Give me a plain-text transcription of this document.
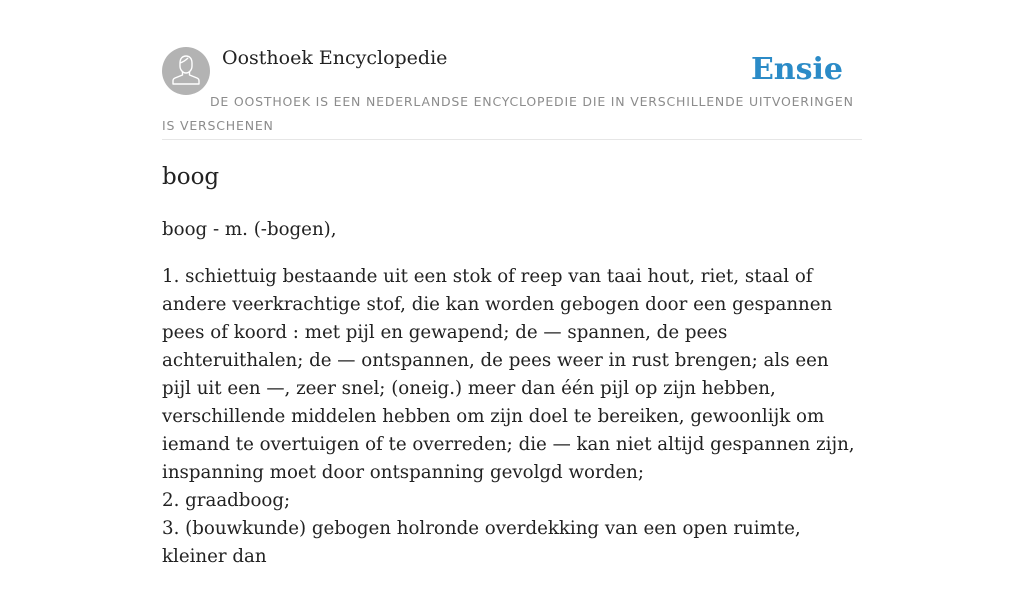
Oosthoek Encyclopedie	Ensie

DE OOSTHOEK IS EEN NEDERLANDSE ENCYCLOPEDIE DIE IN VERSCHILLENDE UITVOERINGEN IS VERSCHENEN

boog

boog - m. (-bogen),

1. schiettuig bestaande uit een stok of reep van taai hout, riet, staal of andere veerkrachtige stof, die kan worden gebogen door een gespannen pees of koord : met pijl en gewapend; de — spannen, de pees achteruithalen; de — ontspannen, de pees weer in rust brengen; als een pijl uit een —, zeer snel; (oneig.) meer dan één pijl op zijn hebben, verschillende middelen hebben om zijn doel te bereiken, gewoonlijk om iemand te overtuigen of te overreden; die — kan niet altijd gespannen zijn, inspanning moet door ontspanning gevolgd worden;
2. graadboog;
3. (bouwkunde) gebogen holronde overdekking van een open ruimte, kleiner dan
